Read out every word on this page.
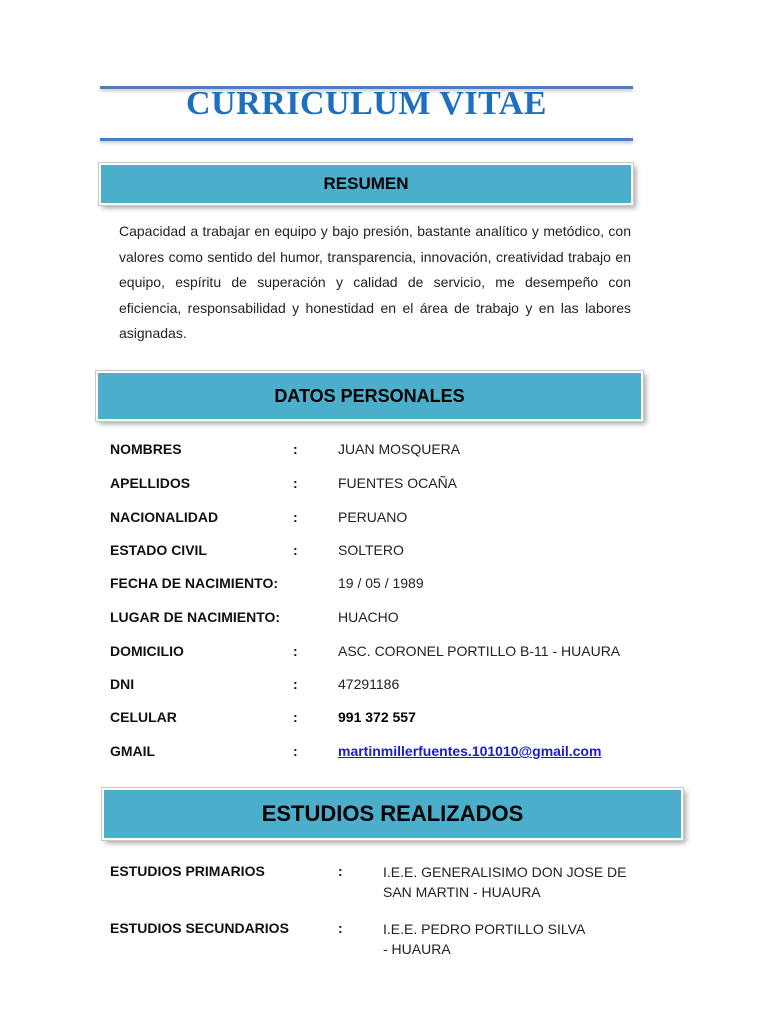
CURRICULUM VITAE
RESUMEN
Capacidad a trabajar en equipo y bajo presión, bastante analítico y metódico, con valores como sentido del humor, transparencia, innovación, creatividad trabajo en equipo, espíritu de superación y calidad de servicio, me desempeño con eficiencia, responsabilidad y honestidad en el área de trabajo y en las labores asignadas.
DATOS PERSONALES
NOMBRES	:	JUAN MOSQUERA
APELLIDOS	:	FUENTES OCAÑA
NACIONALIDAD	:	PERUANO
ESTADO CIVIL	:	SOLTERO
FECHA DE NACIMIENTO:	19 / 05 / 1989
LUGAR DE NACIMIENTO:	HUACHO
DOMICILIO	:	ASC. CORONEL PORTILLO B-11 - HUAURA
DNI	:	47291186
CELULAR	:	991 372 557
GMAIL	:	martinmillerfuentes.101010@gmail.com
ESTUDIOS REALIZADOS
ESTUDIOS PRIMARIOS	:	I.E.E. GENERALISIMO DON JOSE DE
SAN MARTIN - HUAURA
ESTUDIOS SECUNDARIOS	:	I.E.E. PEDRO PORTILLO SILVA
- HUAURA
